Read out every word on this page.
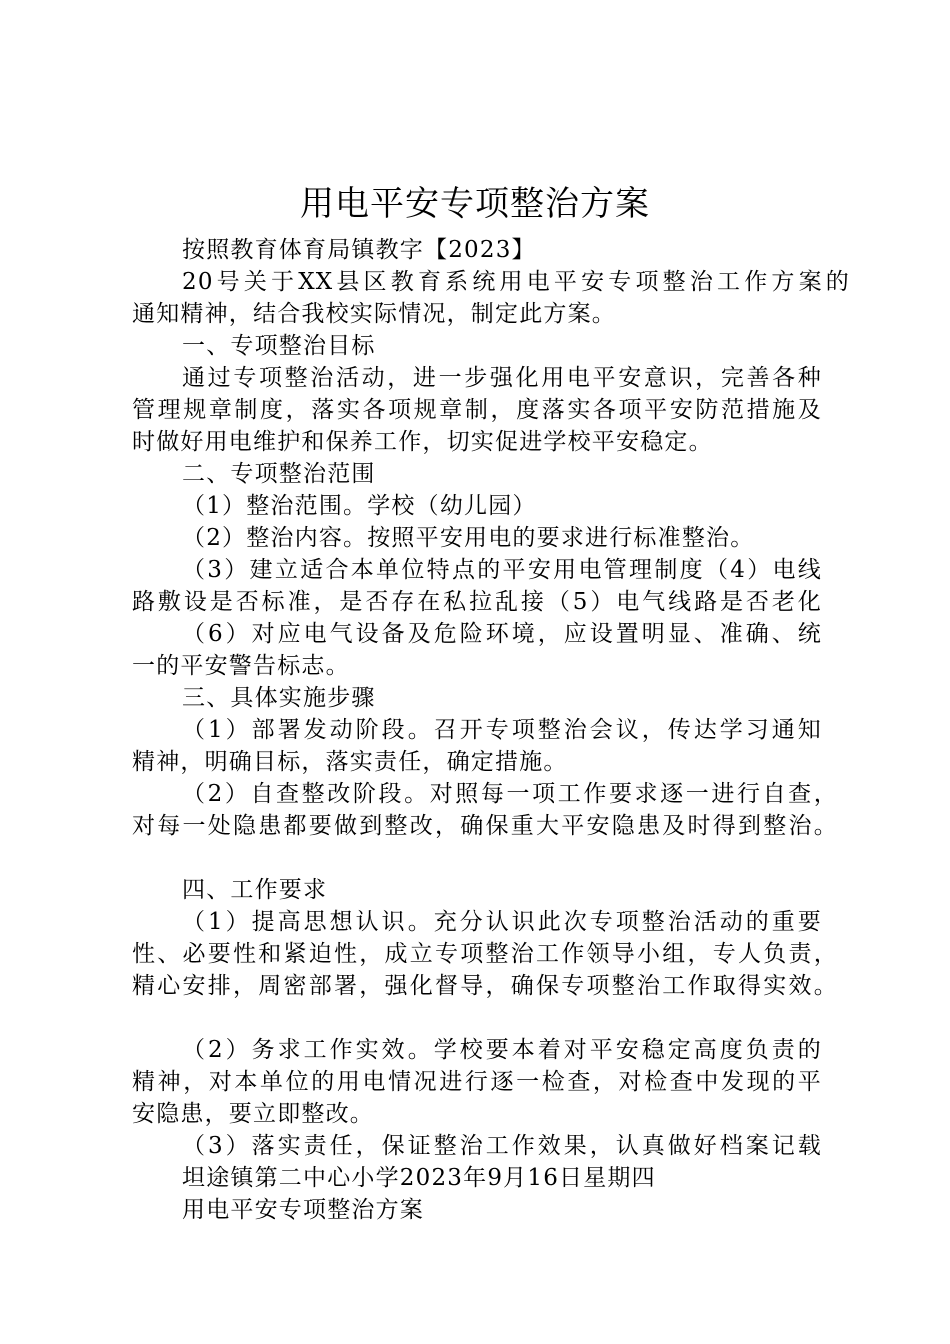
用电平安专项整治方案
按照教育体育局镇教字【2023】
20号关于XX县区教育系统用电平安专项整治工作方案的
通知精神，结合我校实际情况，制定此方案。
一、专项整治目标
通过专项整治活动，进一步强化用电平安意识，完善各种
管理规章制度，落实各项规章制，度落实各项平安防范措施及
时做好用电维护和保养工作，切实促进学校平安稳定。
二、专项整治范围
（1）整治范围。学校（幼儿园）
（2）整治内容。按照平安用电的要求进行标准整治。
（3）建立适合本单位特点的平安用电管理制度（4）电线
路敷设是否标准，是否存在私拉乱接（5）电气线路是否老化
（6）对应电气设备及危险环境，应设置明显、准确、统
一的平安警告标志。
三、具体实施步骤
（1）部署发动阶段。召开专项整治会议，传达学习通知
精神，明确目标，落实责任，确定措施。
（2）自查整改阶段。对照每一项工作要求逐一进行自查，
对每一处隐患都要做到整改，确保重大平安隐患及时得到整治。
四、工作要求
（1）提高思想认识。充分认识此次专项整治活动的重要
性、必要性和紧迫性，成立专项整治工作领导小组，专人负责，
精心安排，周密部署，强化督导，确保专项整治工作取得实效。
（2）务求工作实效。学校要本着对平安稳定高度负责的
精神，对本单位的用电情况进行逐一检查，对检查中发现的平
安隐患，要立即整改。
（3）落实责任，保证整治工作效果，认真做好档案记载
坦途镇第二中心小学2023年9月16日星期四
用电平安专项整治方案
